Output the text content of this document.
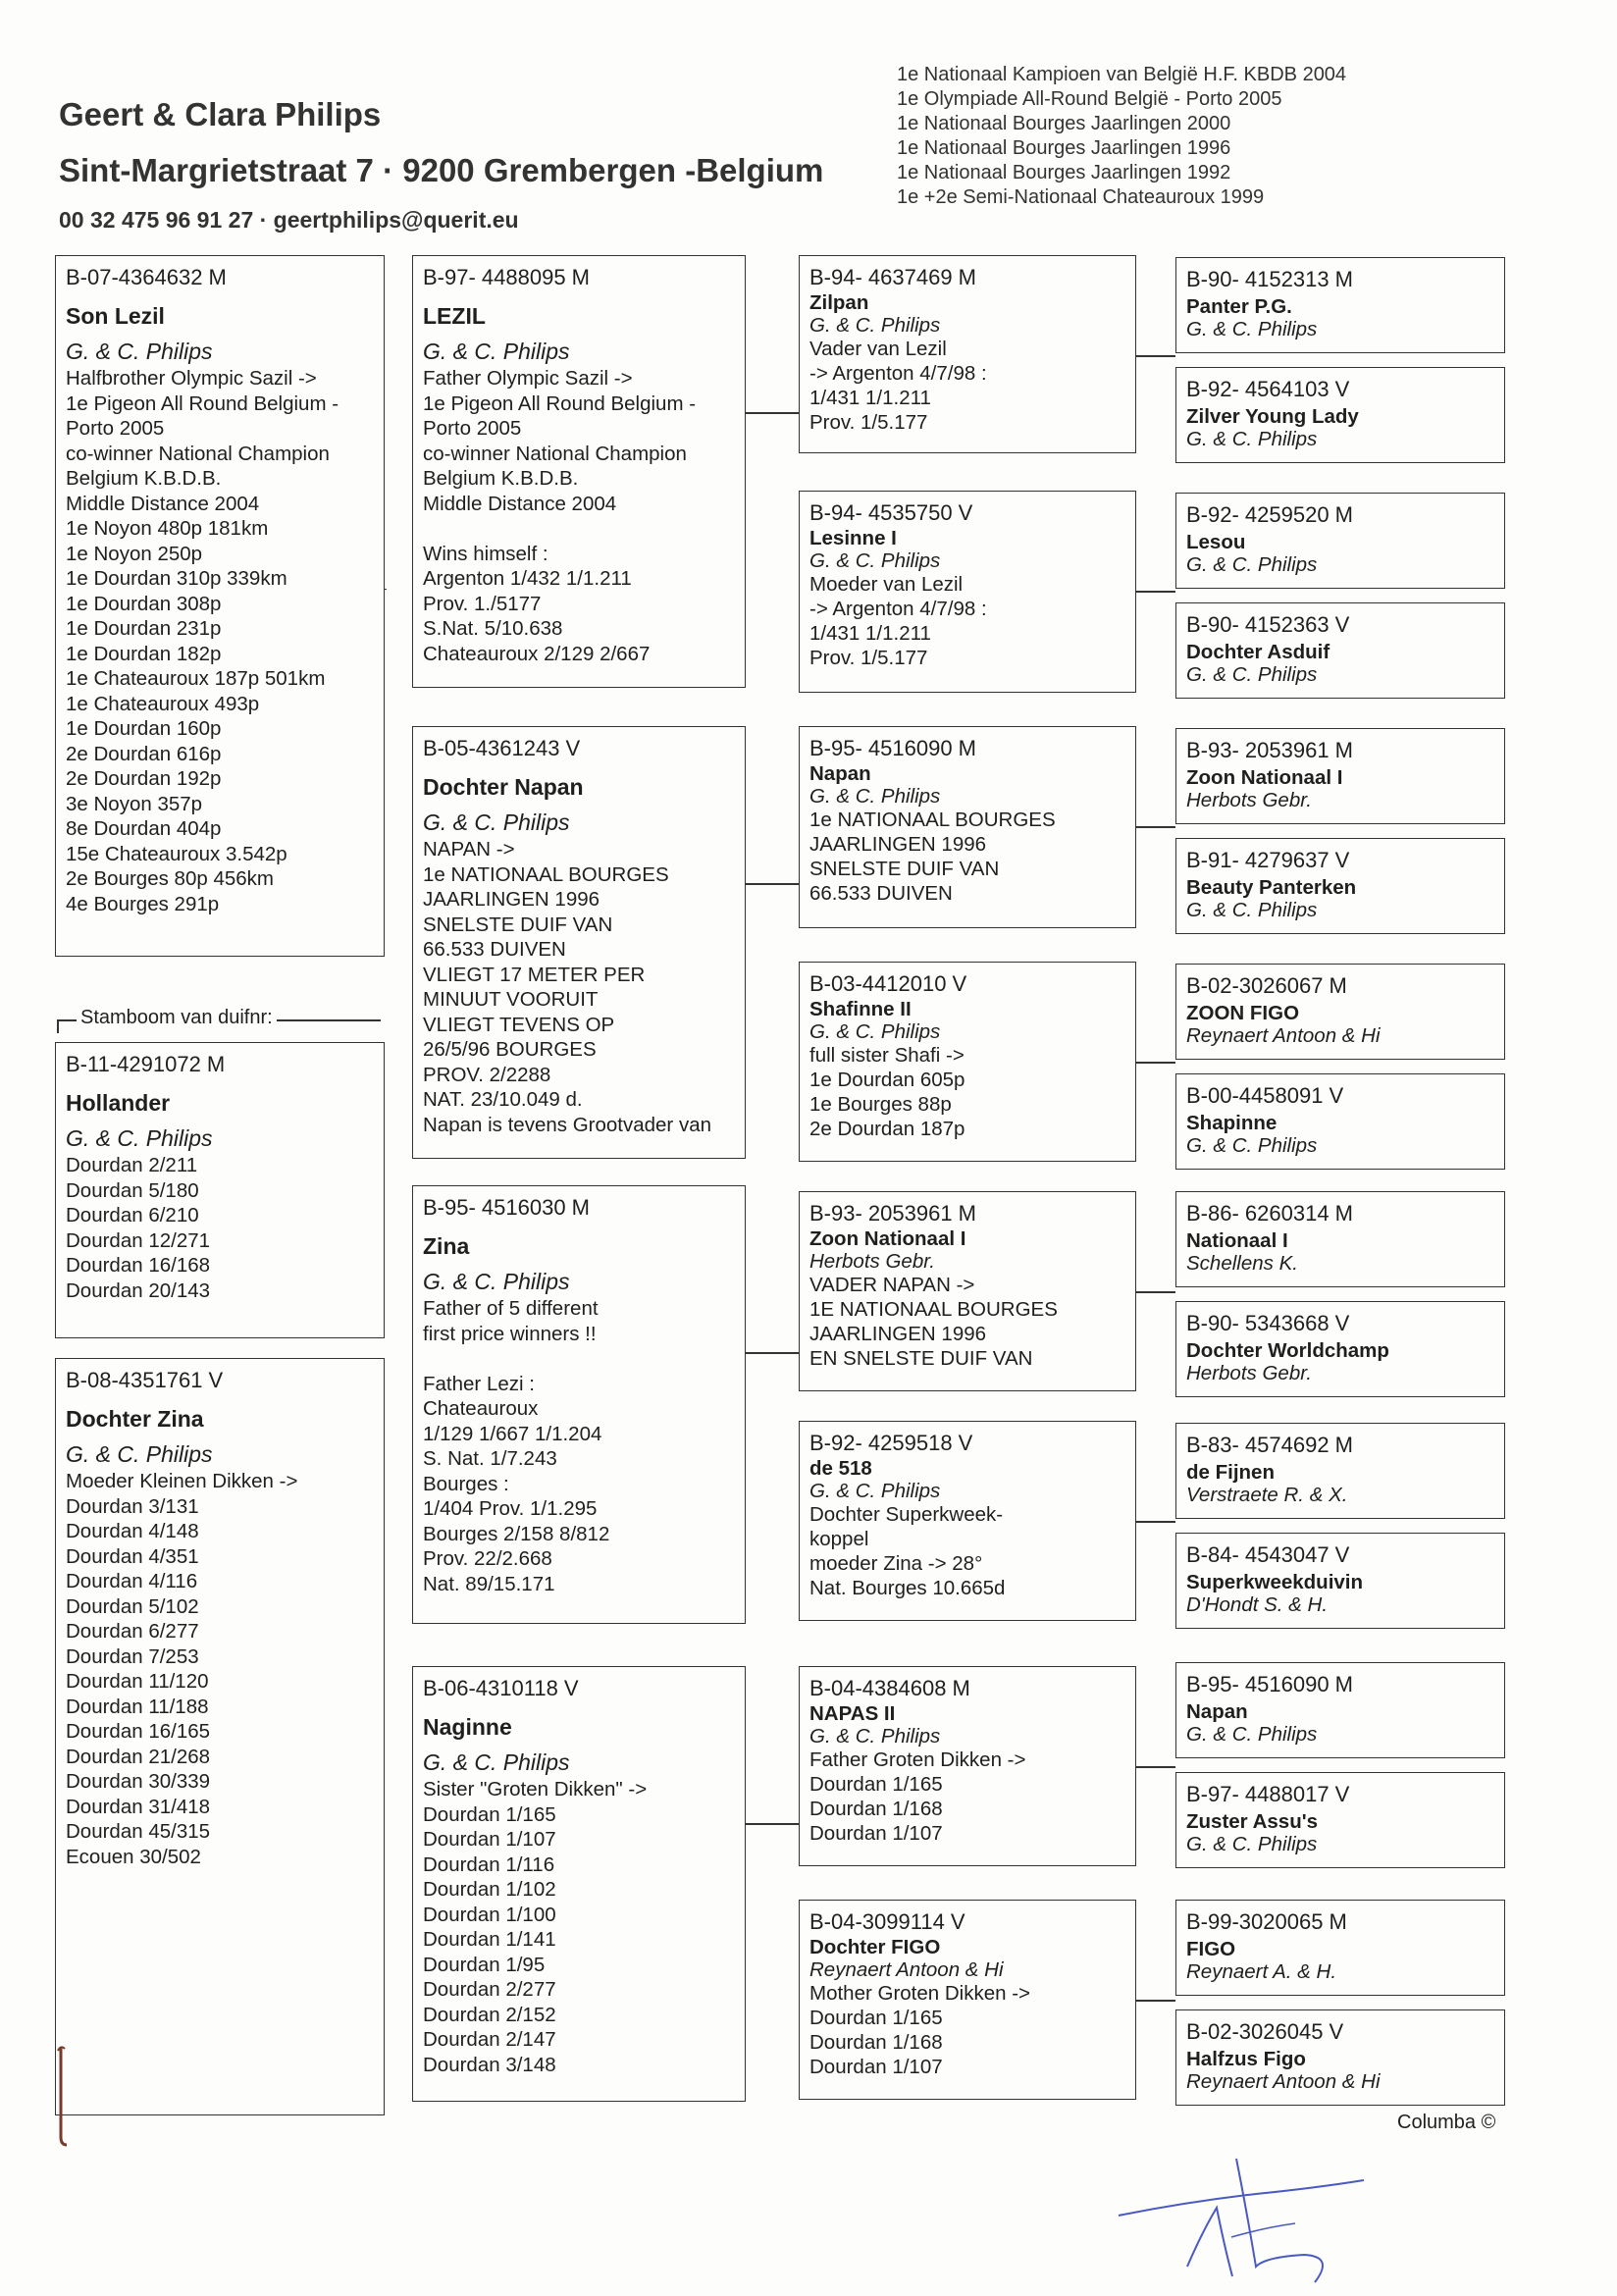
Geert & Clara Philips
Sint-Margrietstraat 7 · 9200 Grembergen -Belgium
00 32 475 96 91 27 · geertphilips@querit.eu
1e Nationaal Kampioen van België H.F. KBDB 2004
1e Olympiade All-Round België - Porto 2005
1e Nationaal Bourges Jaarlingen 2000
1e Nationaal Bourges Jaarlingen 1996
1e Nationaal Bourges Jaarlingen 1992
1e +2e Semi-Nationaal Chateauroux 1999
B-07-4364632 M
Son Lezil
G. & C. Philips
Halfbrother Olympic Sazil ->
1e Pigeon All Round Belgium -
Porto 2005
co-winner National Champion
Belgium K.B.D.B.
Middle Distance 2004
1e Noyon 480p 181km
1e Noyon 250p
1e Dourdan 310p 339km
1e Dourdan 308p
1e Dourdan 231p
1e Dourdan 182p
1e Chateauroux 187p 501km
1e Chateauroux 493p
1e Dourdan 160p
2e Dourdan 616p
2e Dourdan 192p
3e Noyon 357p
8e Dourdan 404p
15e Chateauroux 3.542p
2e Bourges 80p 456km
4e Bourges 291p
Stamboom van duifnr:
B-11-4291072 M
Hollander
G. & C. Philips
Dourdan 2/211
Dourdan 5/180
Dourdan 6/210
Dourdan 12/271
Dourdan 16/168
Dourdan 20/143
B-08-4351761 V
Dochter Zina
G. & C. Philips
Moeder Kleinen Dikken ->
Dourdan 3/131
Dourdan 4/148
Dourdan 4/351
Dourdan 4/116
Dourdan 5/102
Dourdan 6/277
Dourdan 7/253
Dourdan 11/120
Dourdan 11/188
Dourdan 16/165
Dourdan 21/268
Dourdan 30/339
Dourdan 31/418
Dourdan 45/315
Ecouen 30/502
B-97- 4488095 M
LEZIL
G. & C. Philips
Father Olympic Sazil ->
1e Pigeon All Round Belgium -
Porto 2005
co-winner National Champion
Belgium K.B.D.B.
Middle Distance 2004

Wins himself :
Argenton 1/432 1/1.211
Prov. 1./5177
S.Nat. 5/10.638
Chateauroux 2/129 2/667
B-05-4361243 V
Dochter Napan
G. & C. Philips
NAPAN ->
1e NATIONAAL BOURGES
JAARLINGEN 1996
SNELSTE DUIF VAN
66.533 DUIVEN
VLIEGT 17 METER PER
MINUUT VOORUIT
VLIEGT TEVENS OP
26/5/96 BOURGES
PROV. 2/2288
NAT. 23/10.049 d.
Napan is tevens Grootvader van
B-95- 4516030 M
Zina
G. & C. Philips
Father of 5 different
first price winners !!

Father Lezi :
Chateauroux
1/129 1/667 1/1.204
S. Nat. 1/7.243
Bourges :
1/404 Prov. 1/1.295
Bourges 2/158 8/812
Prov. 22/2.668
Nat. 89/15.171
B-06-4310118 V
Naginne
G. & C. Philips
Sister "Groten Dikken" ->
Dourdan 1/165
Dourdan 1/107
Dourdan 1/116
Dourdan 1/102
Dourdan 1/100
Dourdan 1/141
Dourdan 1/95
Dourdan 2/277
Dourdan 2/152
Dourdan 2/147
Dourdan 3/148
B-94- 4637469 M
Zilpan
G. & C. Philips
Vader van Lezil
-> Argenton 4/7/98 :
1/431 1/1.211
Prov. 1/5.177
B-94- 4535750 V
Lesinne I
G. & C. Philips
Moeder van Lezil
-> Argenton 4/7/98 :
1/431 1/1.211
Prov. 1/5.177
B-95- 4516090 M
Napan
G. & C. Philips
1e NATIONAAL BOURGES
JAARLINGEN 1996
SNELSTE DUIF VAN
66.533 DUIVEN
B-03-4412010 V
Shafinne II
G. & C. Philips
full sister Shafi ->
1e Dourdan 605p
1e Bourges 88p
2e Dourdan 187p
B-93- 2053961 M
Zoon Nationaal I
Herbots Gebr.
VADER NAPAN ->
1E NATIONAAL BOURGES
JAARLINGEN 1996
EN SNELSTE DUIF VAN
B-92- 4259518 V
de 518
G. & C. Philips
Dochter Superkweek-
koppel
moeder Zina -> 28°
Nat. Bourges 10.665d
B-04-4384608 M
NAPAS II
G. & C. Philips
Father Groten Dikken ->
Dourdan 1/165
Dourdan 1/168
Dourdan 1/107
B-04-3099114 V
Dochter FIGO
Reynaert Antoon & Hi
Mother Groten Dikken ->
Dourdan 1/165
Dourdan 1/168
Dourdan 1/107
B-90- 4152313 M
Panter P.G.
G. & C. Philips
B-92- 4564103 V
Zilver Young Lady
G. & C. Philips
B-92- 4259520 M
Lesou
G. & C. Philips
B-90- 4152363 V
Dochter Asduif
G. & C. Philips
B-93- 2053961 M
Zoon Nationaal I
Herbots Gebr.
B-91- 4279637 V
Beauty Panterken
G. & C. Philips
B-02-3026067 M
ZOON FIGO
Reynaert Antoon & Hi
B-00-4458091 V
Shapinne
G. & C. Philips
B-86- 6260314 M
Nationaal I
Schellens K.
B-90- 5343668 V
Dochter Worldchamp
Herbots Gebr.
B-83- 4574692 M
de Fijnen
Verstraete R. & X.
B-84- 4543047 V
Superkweekduivin
D'Hondt S. & H.
B-95- 4516090 M
Napan
G. & C. Philips
B-97- 4488017 V
Zuster Assu's
G. & C. Philips
B-99-3020065 M
FIGO
Reynaert A. & H.
B-02-3026045 V
Halfzus Figo
Reynaert Antoon & Hi
Columba ©
